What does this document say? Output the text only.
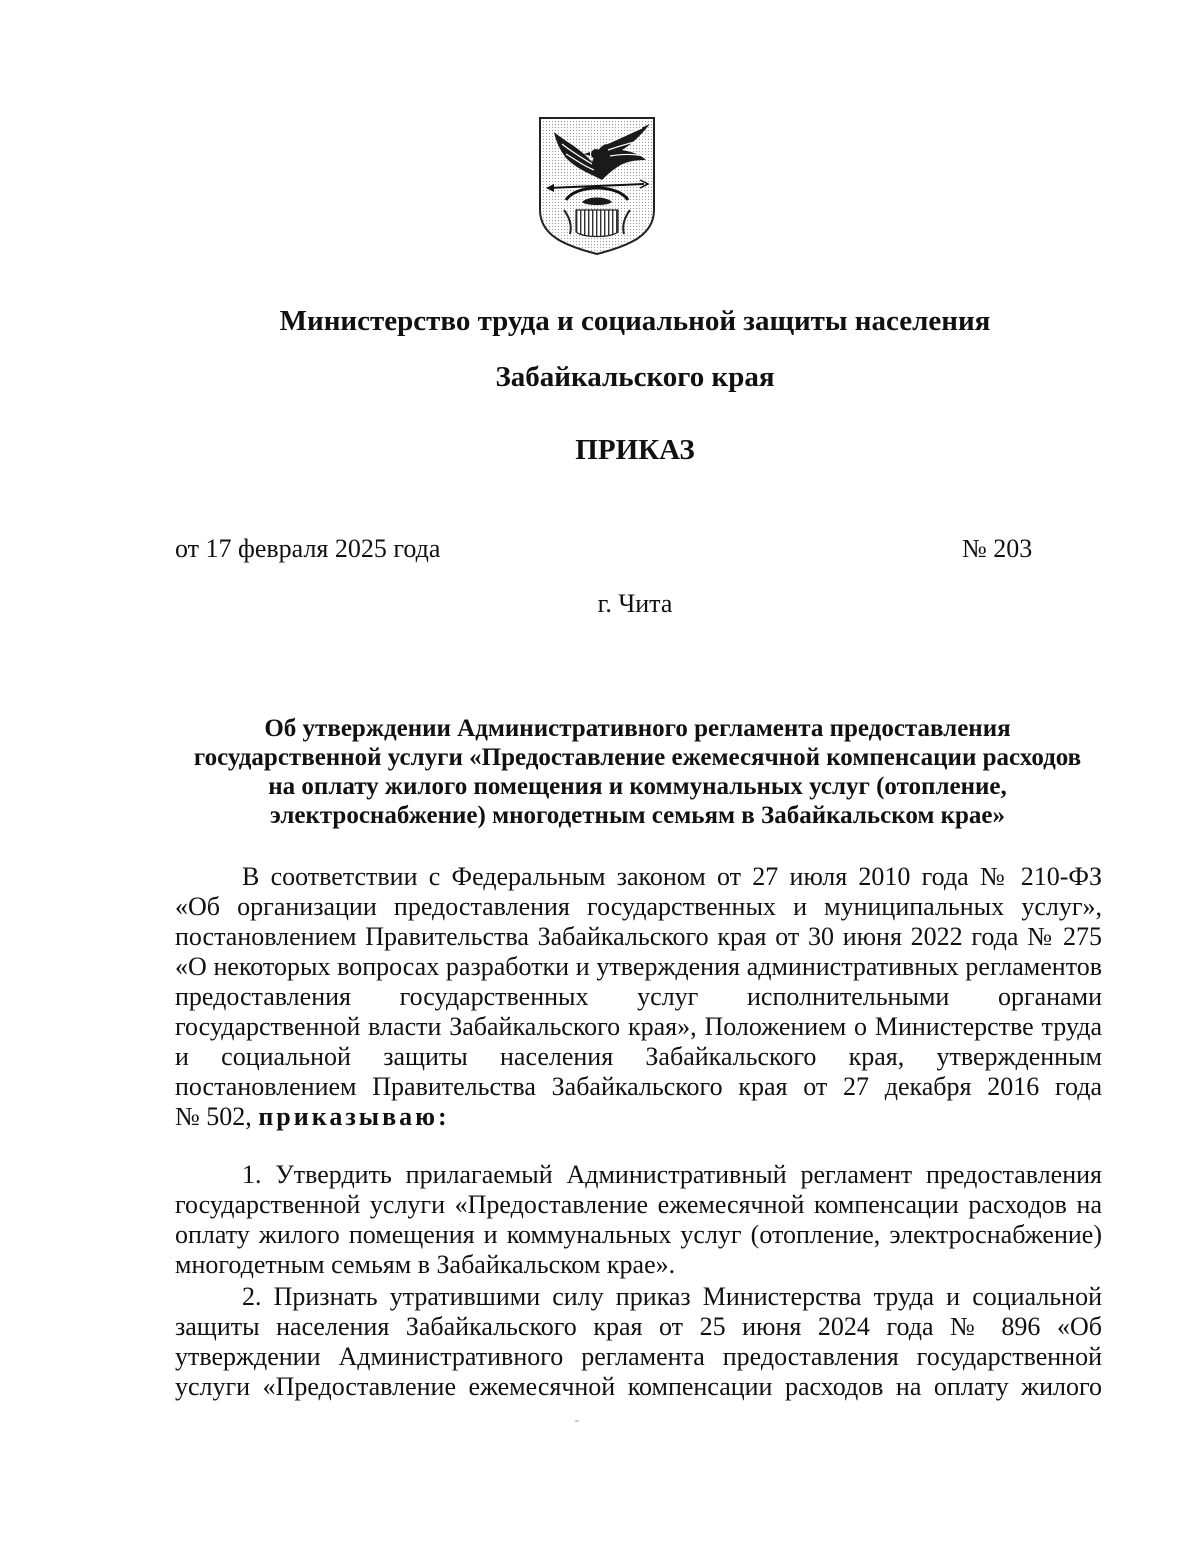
Министерство труда и социальной защиты населения
Забайкальского края
ПРИКАЗ
от 17 февраля 2025 года	№ 203
г. Чита
Об утверждении Административного регламента предоставления
государственной услуги «Предоставление ежемесячной компенсации расходов
на оплату жилого помещения и коммунальных услуг (отопление,
электроснабжение) многодетным семьям в Забайкальском крае»
В соответствии с Федеральным законом от 27 июля 2010 года № 210-ФЗ
«Об организации предоставления государственных и муниципальных услуг»,
постановлением Правительства Забайкальского края от 30 июня 2022 года № 275
«О некоторых вопросах разработки и утверждения административных регламентов
предоставления государственных услуг исполнительными органами
государственной власти Забайкальского края», Положением о Министерстве труда
и социальной защиты населения Забайкальского края, утвержденным
постановлением Правительства Забайкальского края от 27 декабря 2016 года
№ 502, приказываю:
1. Утвердить прилагаемый Административный регламент предоставления
государственной услуги «Предоставление ежемесячной компенсации расходов на
оплату жилого помещения и коммунальных услуг (отопление, электроснабжение)
многодетным семьям в Забайкальском крае».
2. Признать утратившими силу приказ Министерства труда и социальной
защиты населения Забайкальского края от 25 июня 2024 года № 896 «Об
утверждении Административного регламента предоставления государственной
услуги «Предоставление ежемесячной компенсации расходов на оплату жилого
